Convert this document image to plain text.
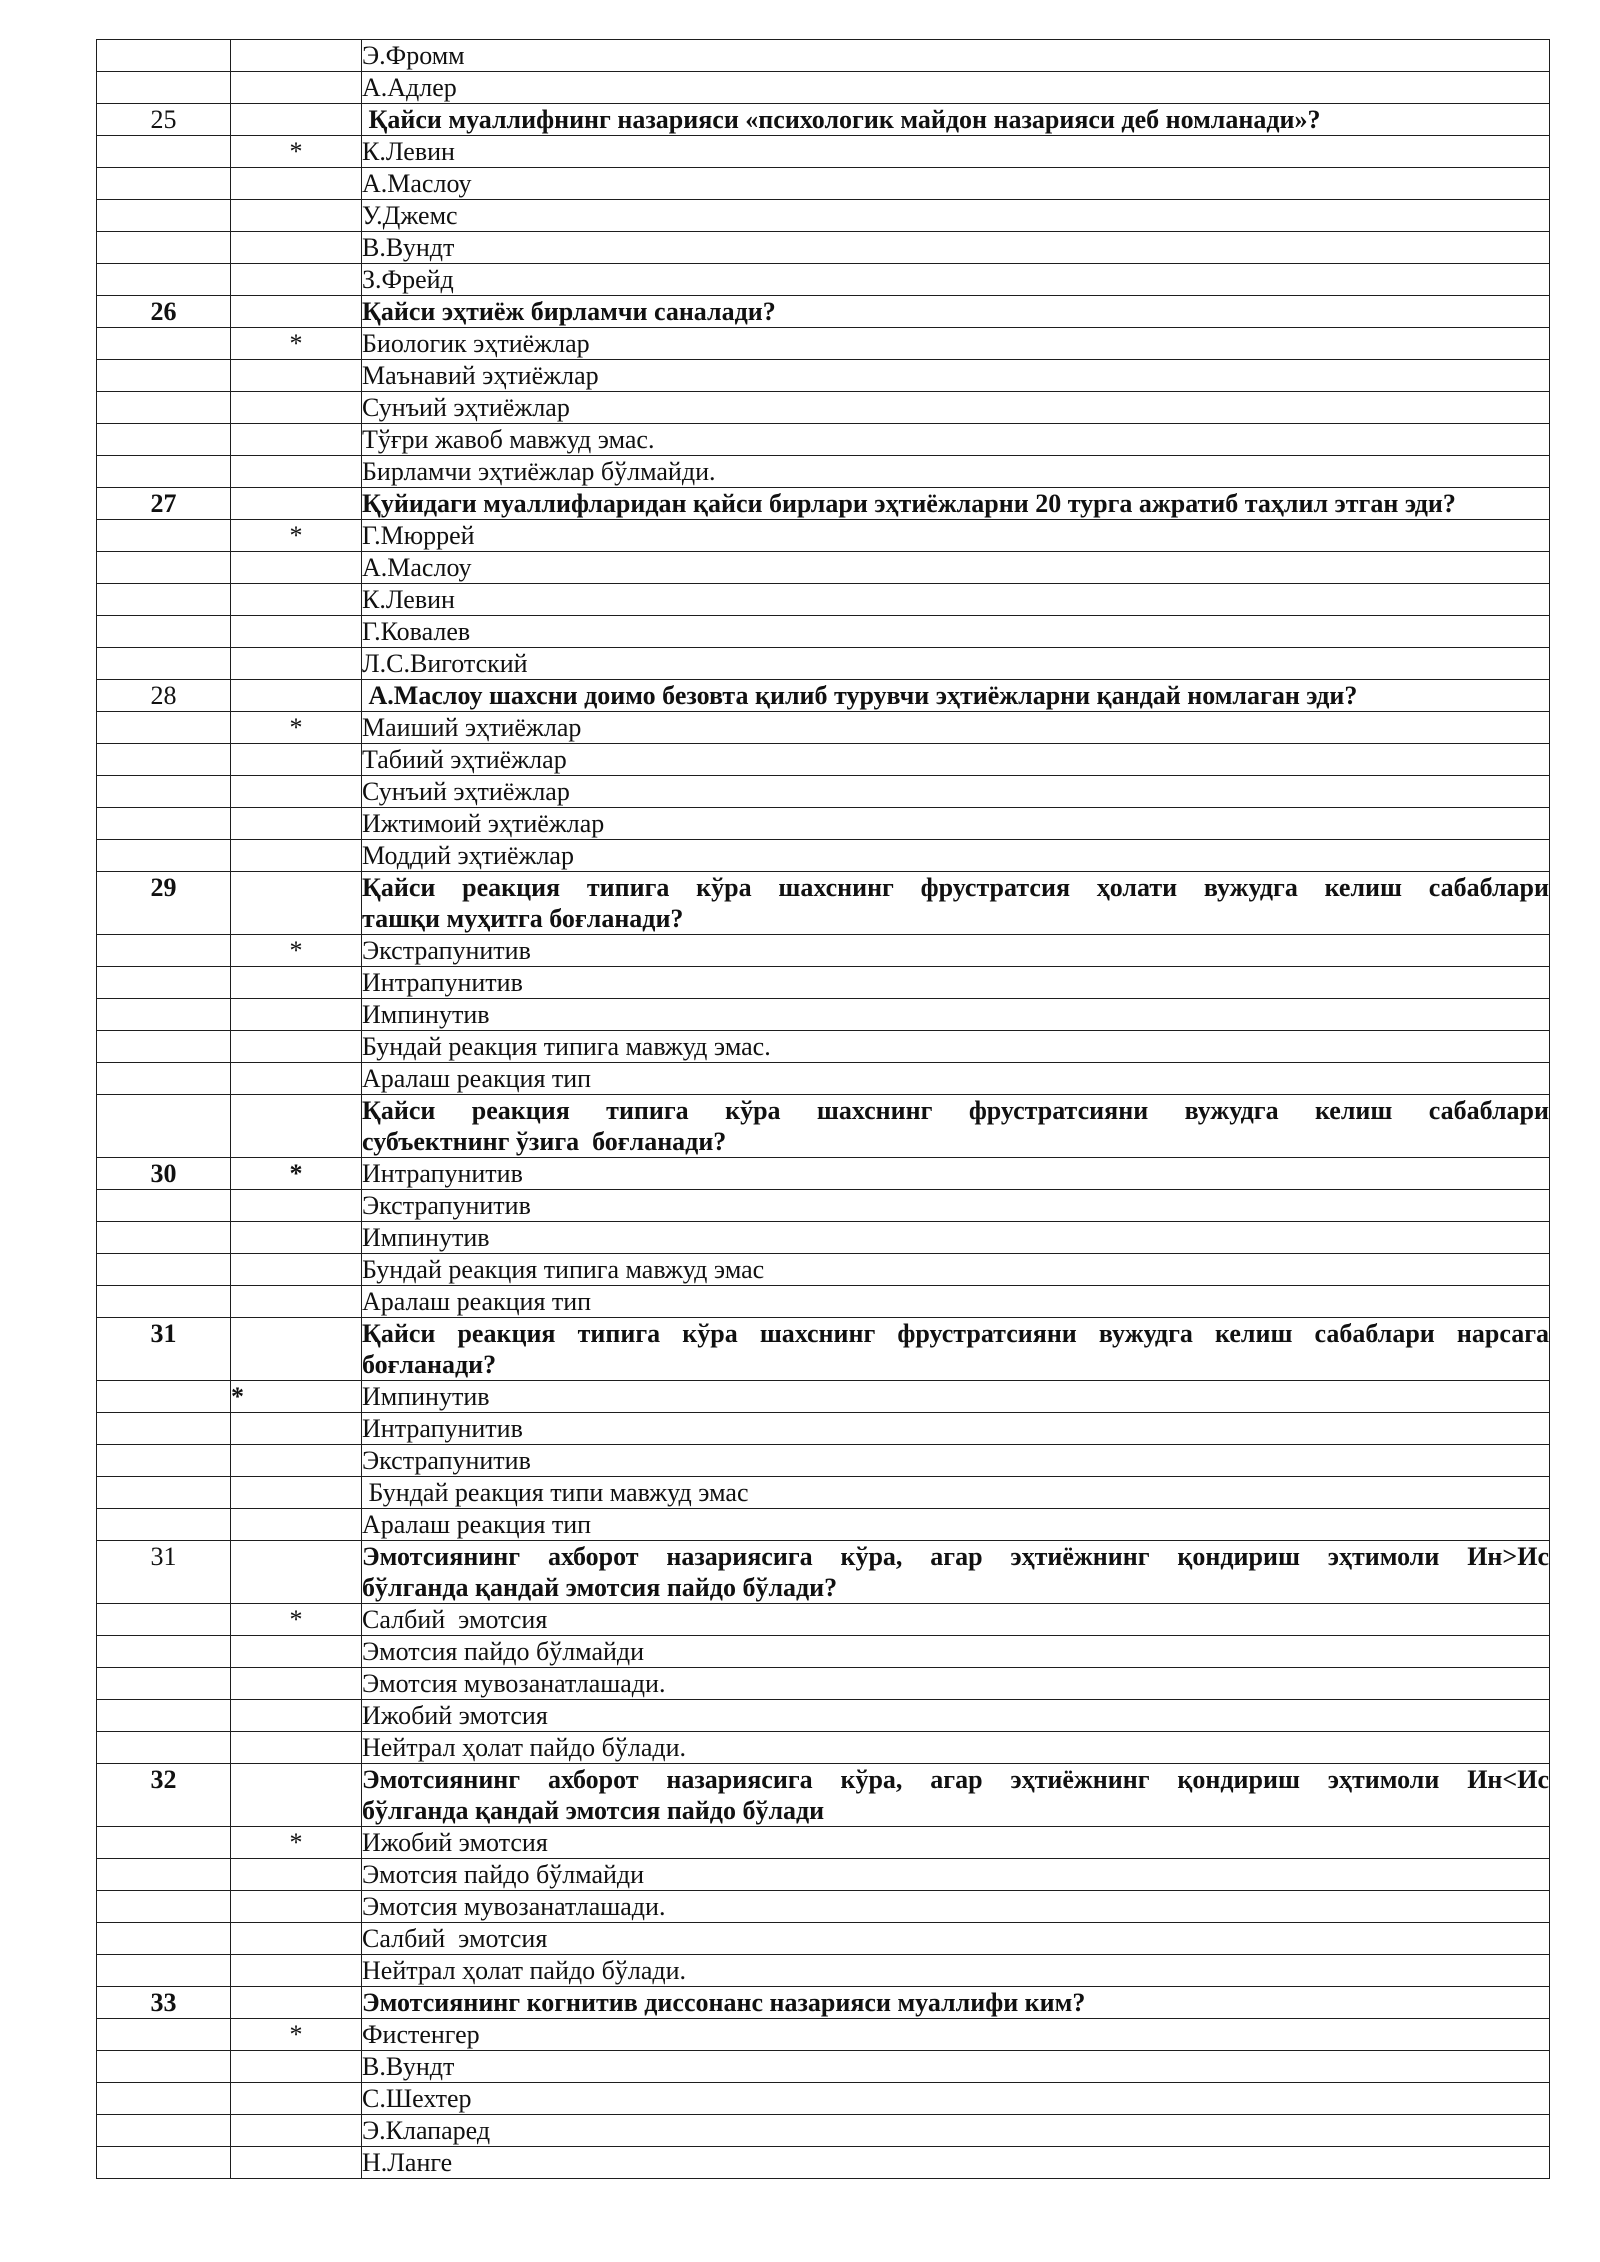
		Э.Фромм

		А.Адлер

25		Қайси муаллифнинг назарияси «психологик майдон назарияси деб номланади»?

	*	К.Левин

		А.Маслоу

		У.Джемс

		В.Вундт

		З.Фрейд

26		Қайси эҳтиёж бирламчи саналади?

	*	Биологик эҳтиёжлар

		Маънавий эҳтиёжлар

		Сунъий эҳтиёжлар

		Тўғри жавоб мавжуд эмас.

		Бирламчи эҳтиёжлар бўлмайди.

27		Қуйидаги муаллифларидан қайси бирлари эҳтиёжларни 20 турга ажратиб таҳлил этган эди?

	*	Г.Мюррей

		А.Маслоу

		К.Левин

		Г.Ковалев

		Л.С.Виготский

28		А.Маслоу шахсни доимо безовта қилиб турувчи эҳтиёжларни қандай номлаган эди?

	*	Маиший эҳтиёжлар

		Табиий эҳтиёжлар

		Сунъий эҳтиёжлар

		Ижтимоий эҳтиёжлар

		Моддий эҳтиёжлар

29		Қайси реакция типига кўра шахснинг фрустратсия ҳолати вужудга келиш сабаблари
ташқи муҳитга боғланади?

	*	Экстрапунитив

		Интрапунитив

		Импинутив

		Бундай реакция типига мавжуд эмас.

		Аралаш реакция тип

		Қайси реакция типига кўра шахснинг фрустратсияни вужудга келиш сабаблари
субъектнинг ўзига  боғланади?

30	*	Интрапунитив

		Экстрапунитив

		Импинутив

		Бундай реакция типига мавжуд эмас

		Аралаш реакция тип

31		Қайси реакция типига кўра шахснинг фрустратсияни вужудга келиш сабаблари нарсага
боғланади?

	*	Импинутив

		Интрапунитив

		Экстрапунитив

		Бундай реакция типи мавжуд эмас

		Аралаш реакция тип

31		Эмотсиянинг ахборот назариясига кўра, агар эҳтиёжнинг қондириш эҳтимоли Ин>Ис
бўлганда қандай эмотсия пайдо бўлади?

	*	Салбий  эмотсия

		Эмотсия пайдо бўлмайди

		Эмотсия мувозанатлашади.

		Ижобий эмотсия

		Нейтрал ҳолат пайдо бўлади.

32		Эмотсиянинг ахборот назариясига кўра, агар эҳтиёжнинг қондириш эҳтимоли Ин<Ис
бўлганда қандай эмотсия пайдо бўлади

	*	Ижобий эмотсия

		Эмотсия пайдо бўлмайди

		Эмотсия мувозанатлашади.

		Салбий  эмотсия

		Нейтрал ҳолат пайдо бўлади.

33		Эмотсиянинг когнитив диссонанс назарияси муаллифи ким?

	*	Фистенгер

		В.Вундт

		С.Шехтер

		Э.Клапаред

		Н.Ланге
